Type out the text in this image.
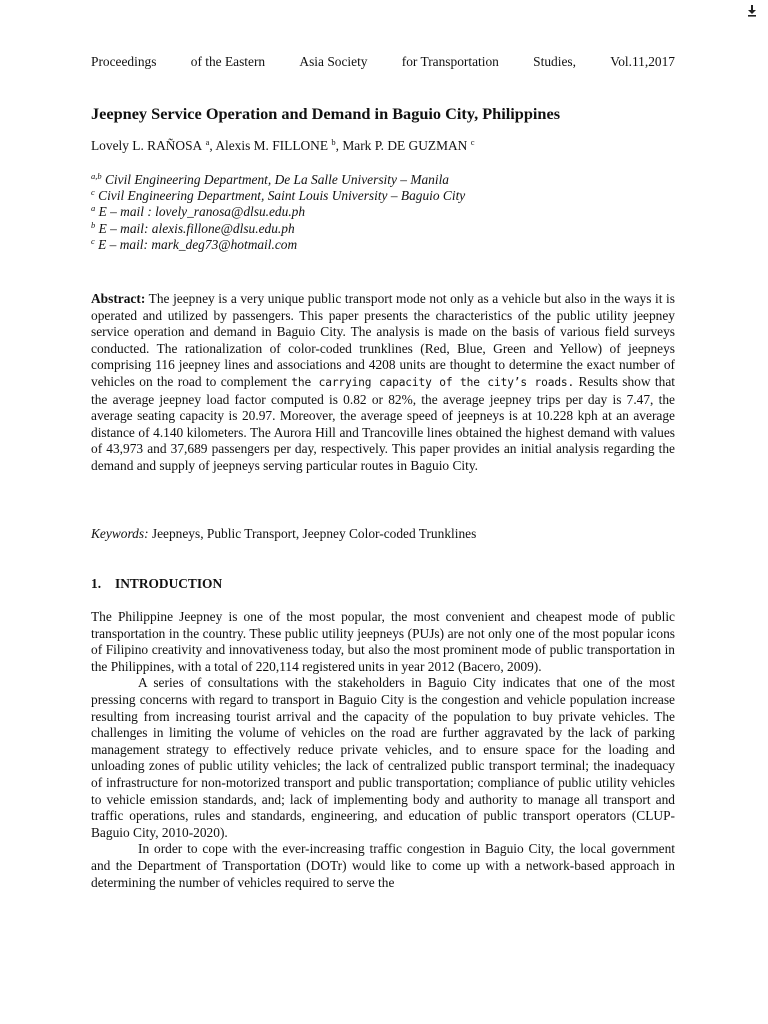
Proceedings	of the Eastern	Asia Society	for Transportation	Studies,	Vol.11,2017
Jeepney Service Operation and Demand in Baguio City, Philippines
Lovely L. RAÑOSA $^a$, Alexis M. FILLONE $^b$, Mark P. DE GUZMAN $^c$
$^{a,b}$ Civil Engineering Department, De La Salle University – Manila
$^c$ Civil Engineering Department, Saint Louis University – Baguio City
$^a$ E – mail : lovely_ranosa@dlsu.edu.ph
$^b$ E – mail: alexis.fillone@dlsu.edu.ph
$^c$ E – mail: mark_deg73@hotmail.com
Abstract: The jeepney is a very unique public transport mode not only as a vehicle but also in the ways it is operated and utilized by passengers. This paper presents the characteristics of the public utility jeepney service operation and demand in Baguio City. The analysis is made on the basis of various field surveys conducted. The rationalization of color-coded trunklines (Red, Blue, Green and Yellow) of jeepneys comprising 116 jeepney lines and associations and 4208 units are thought to determine the exact number of vehicles on the road to complement the carrying capacity of the city’s roads. Results show that the average jeepney load factor computed is 0.82 or 82%, the average jeepney trips per day is 7.47, the average seating capacity is 20.97. Moreover, the average speed of jeepneys is at 10.228 kph at an average distance of 4.140 kilometers. The Aurora Hill and Trancoville lines obtained the highest demand with values of 43,973 and 37,689 passengers per day, respectively. This paper provides an initial analysis regarding the demand and supply of jeepneys serving particular routes in Baguio City.
Keywords: Jeepneys, Public Transport, Jeepney Color-coded Trunklines
1. INTRODUCTION

The Philippine Jeepney is one of the most popular, the most convenient and cheapest mode of public transportation in the country. These public utility jeepneys (PUJs) are not only one of the most popular icons of Filipino creativity and innovativeness today, but also the most prominent mode of public transportation in the Philippines, with a total of 220,114 registered units in year 2012 (Bacero, 2009).

A series of consultations with the stakeholders in Baguio City indicates that one of the most pressing concerns with regard to transport in Baguio City is the congestion and vehicle population increase resulting from increasing tourist arrival and the capacity of the population to buy private vehicles. The challenges in limiting the volume of vehicles on the road are further aggravated by the lack of parking management strategy to effectively reduce private vehicles, and to ensure space for the loading and unloading zones of public utility vehicles; the lack of centralized public transport terminal; the inadequacy of infrastructure for non-motorized transport and public transportation; compliance of public utility vehicles to vehicle emission standards, and; lack of implementing body and authority to manage all transport and traffic operations, rules and standards, engineering, and education of public transport operators (CLUP-Baguio City, 2010-2020).

In order to cope with the ever-increasing traffic congestion in Baguio City, the local government and the Department of Transportation (DOTr) would like to come up with a network-based approach in determining the number of vehicles required to serve the
